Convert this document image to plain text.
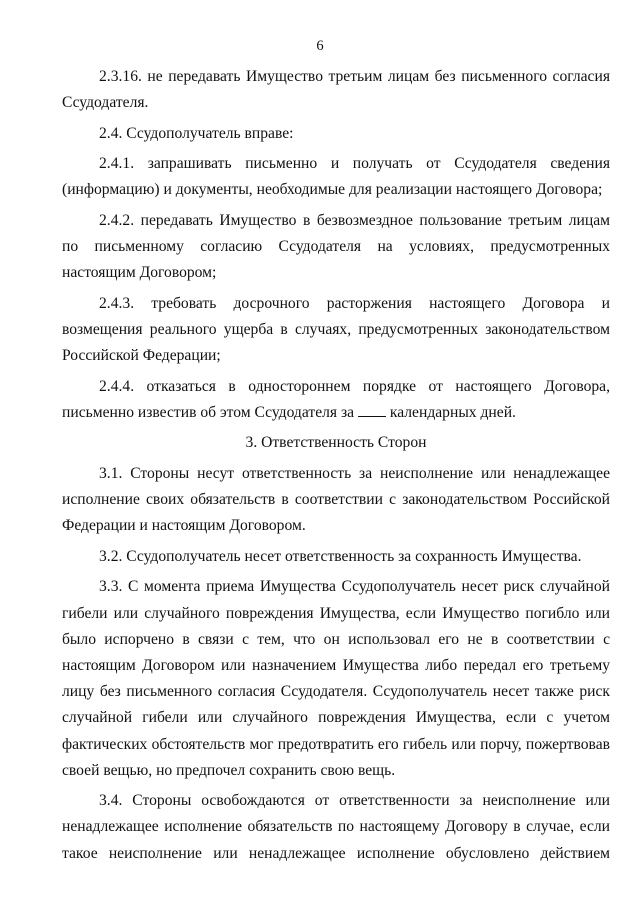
6

2.3.16. не передавать Имущество третьим лицам без письменного согласия Ссудодателя.

2.4. Ссудополучатель вправе:

2.4.1. запрашивать письменно и получать от Ссудодателя сведения (информацию) и документы, необходимые для реализации настоящего Договора;

2.4.2. передавать Имущество в безвозмездное пользование третьим лицам по письменному согласию Ссудодателя на условиях, предусмотренных настоящим Договором;

2.4.3. требовать досрочного расторжения настоящего Договора и возмещения реального ущерба в случаях, предусмотренных законодательством Российской Федерации;

2.4.4. отказаться в одностороннем порядке от настоящего Договора, письменно известив об этом Ссудодателя за календарных дней.

3. Ответственность Сторон

3.1. Стороны несут ответственность за неисполнение или ненадлежащее исполнение своих обязательств в соответствии с законодательством Российской Федерации и настоящим Договором.

3.2. Ссудополучатель несет ответственность за сохранность Имущества.

3.3. С момента приема Имущества Ссудополучатель несет риск случайной гибели или случайного повреждения Имущества, если Имущество погибло или было испорчено в связи с тем, что он использовал его не в соответствии с настоящим Договором или назначением Имущества либо передал его третьему лицу без письменного согласия Ссудодателя. Ссудополучатель несет также риск случайной гибели или случайного повреждения Имущества, если с учетом фактических обстоятельств мог предотвратить его гибель или порчу, пожертвовав своей вещью, но предпочел сохранить свою вещь.

3.4. Стороны освобождаются от ответственности за неисполнение или ненадлежащее исполнение обязательств по настоящему Договору в случае, если такое неисполнение или ненадлежащее исполнение обусловлено действием
